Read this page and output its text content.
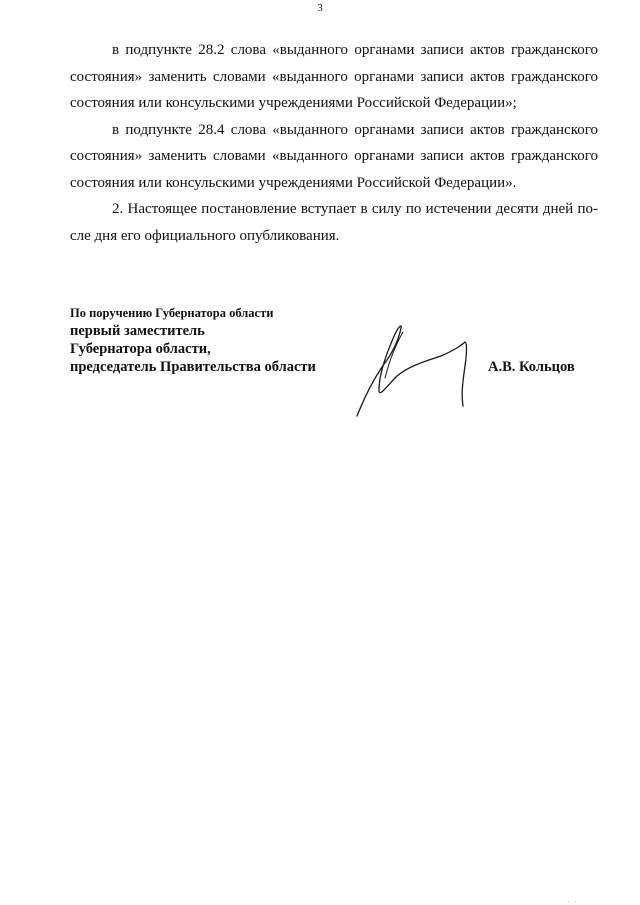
3

в подпункте 28.2 слова «выданного органами записи актов гражданского состояния» заменить словами «выданного органами записи актов гражданского состояния или консульскими учреждениями Российской Федерации»;

в подпункте 28.4 слова «выданного органами записи актов гражданского состояния» заменить словами «выданного органами записи актов гражданского состояния или консульскими учреждениями Российской Федерации».

2. Настоящее постановление вступает в силу по истечении десяти дней после дня его официального опубликования.

По поручению Губернатора области
первый заместитель
Губернатора области,
председатель Правительства области	А.В. Кольцов
. .
